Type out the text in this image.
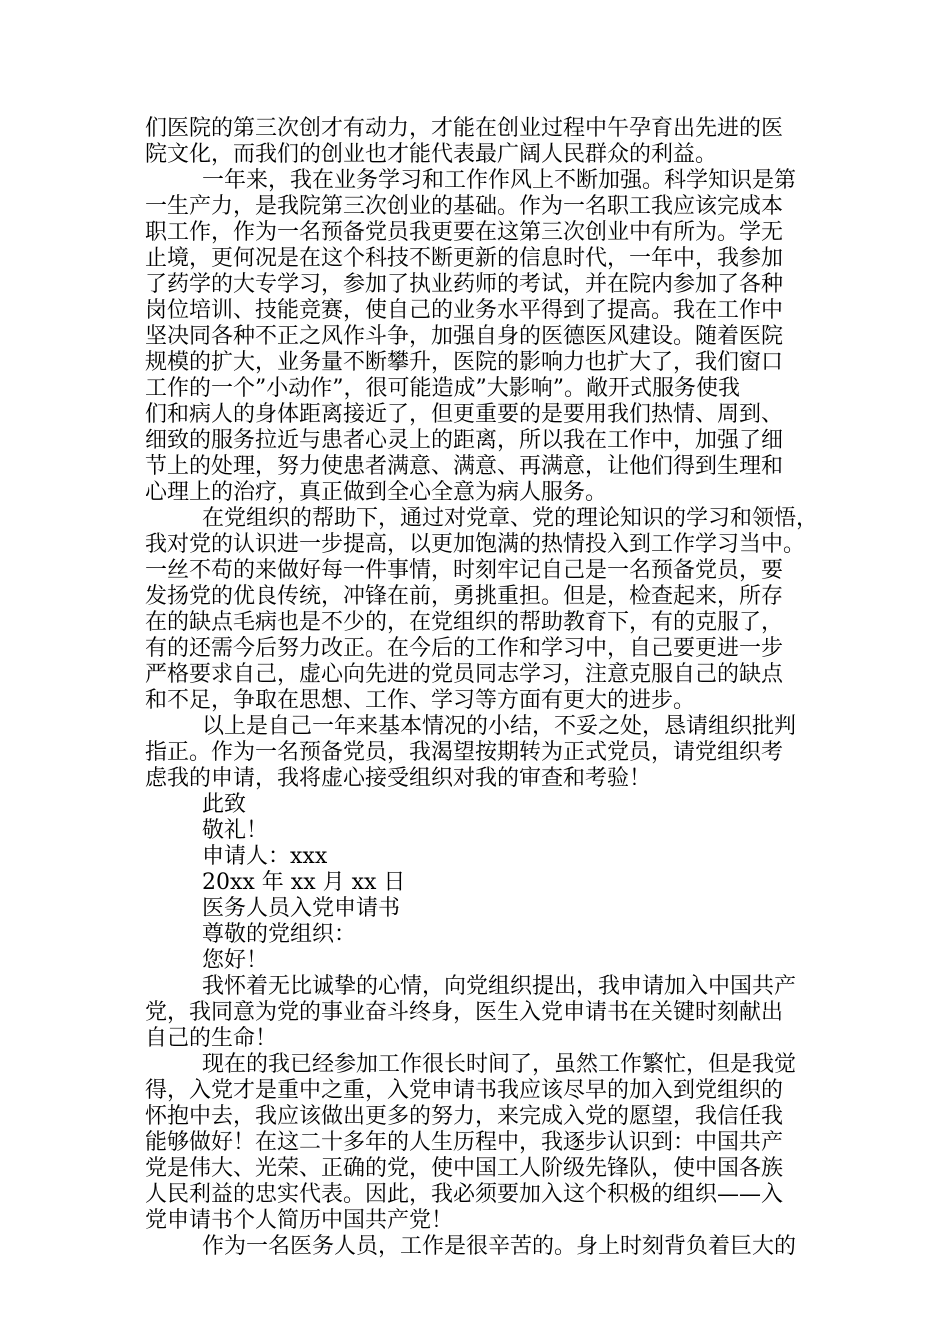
们医院的第三次创才有动力，才能在创业过程中午孕育出先进的医
院文化，而我们的创业也才能代表最广阔人民群众的利益。
一年来，我在业务学习和工作作风上不断加强。科学知识是第
一生产力，是我院第三次创业的基础。作为一名职工我应该完成本
职工作，作为一名预备党员我更要在这第三次创业中有所为。学无
止境，更何况是在这个科技不断更新的信息时代，一年中，我参加
了药学的大专学习，参加了执业药师的考试，并在院内参加了各种
岗位培训、技能竞赛，使自己的业务水平得到了提高。我在工作中
坚决同各种不正之风作斗争，加强自身的医德医风建设。随着医院
规模的扩大，业务量不断攀升，医院的影响力也扩大了，我们窗口
工作的一个”小动作”，很可能造成”大影响”。敞开式服务使我
们和病人的身体距离接近了，但更重要的是要用我们热情、周到、
细致的服务拉近与患者心灵上的距离，所以我在工作中，加强了细
节上的处理，努力使患者满意、满意、再满意，让他们得到生理和
心理上的治疗，真正做到全心全意为病人服务。
在党组织的帮助下，通过对党章、党的理论知识的学习和领悟，
我对党的认识进一步提高，以更加饱满的热情投入到工作学习当中。
一丝不苟的来做好每一件事情，时刻牢记自己是一名预备党员，要
发扬党的优良传统，冲锋在前，勇挑重担。但是，检查起来，所存
在的缺点毛病也是不少的，在党组织的帮助教育下，有的克服了，
有的还需今后努力改正。在今后的工作和学习中，自己要更进一步
严格要求自己，虚心向先进的党员同志学习，注意克服自己的缺点
和不足，争取在思想、工作、学习等方面有更大的进步。
以上是自己一年来基本情况的小结，不妥之处，恳请组织批判
指正。作为一名预备党员，我渴望按期转为正式党员，请党组织考
虑我的申请，我将虚心接受组织对我的审查和考验！
此致
敬礼！
申请人：xxx
20xx 年 xx 月 xx 日
医务人员入党申请书
尊敬的党组织：
您好！
我怀着无比诚挚的心情，向党组织提出，我申请加入中国共产
党，我同意为党的事业奋斗终身，医生入党申请书在关键时刻献出
自己的生命！
现在的我已经参加工作很长时间了，虽然工作繁忙，但是我觉
得，入党才是重中之重，入党申请书我应该尽早的加入到党组织的
怀抱中去，我应该做出更多的努力，来完成入党的愿望，我信任我
能够做好！在这二十多年的人生历程中，我逐步认识到：中国共产
党是伟大、光荣、正确的党，使中国工人阶级先锋队，使中国各族
人民利益的忠实代表。因此，我必须要加入这个积极的组织——入
党申请书个人简历中国共产党！
作为一名医务人员，工作是很辛苦的。身上时刻背负着巨大的
